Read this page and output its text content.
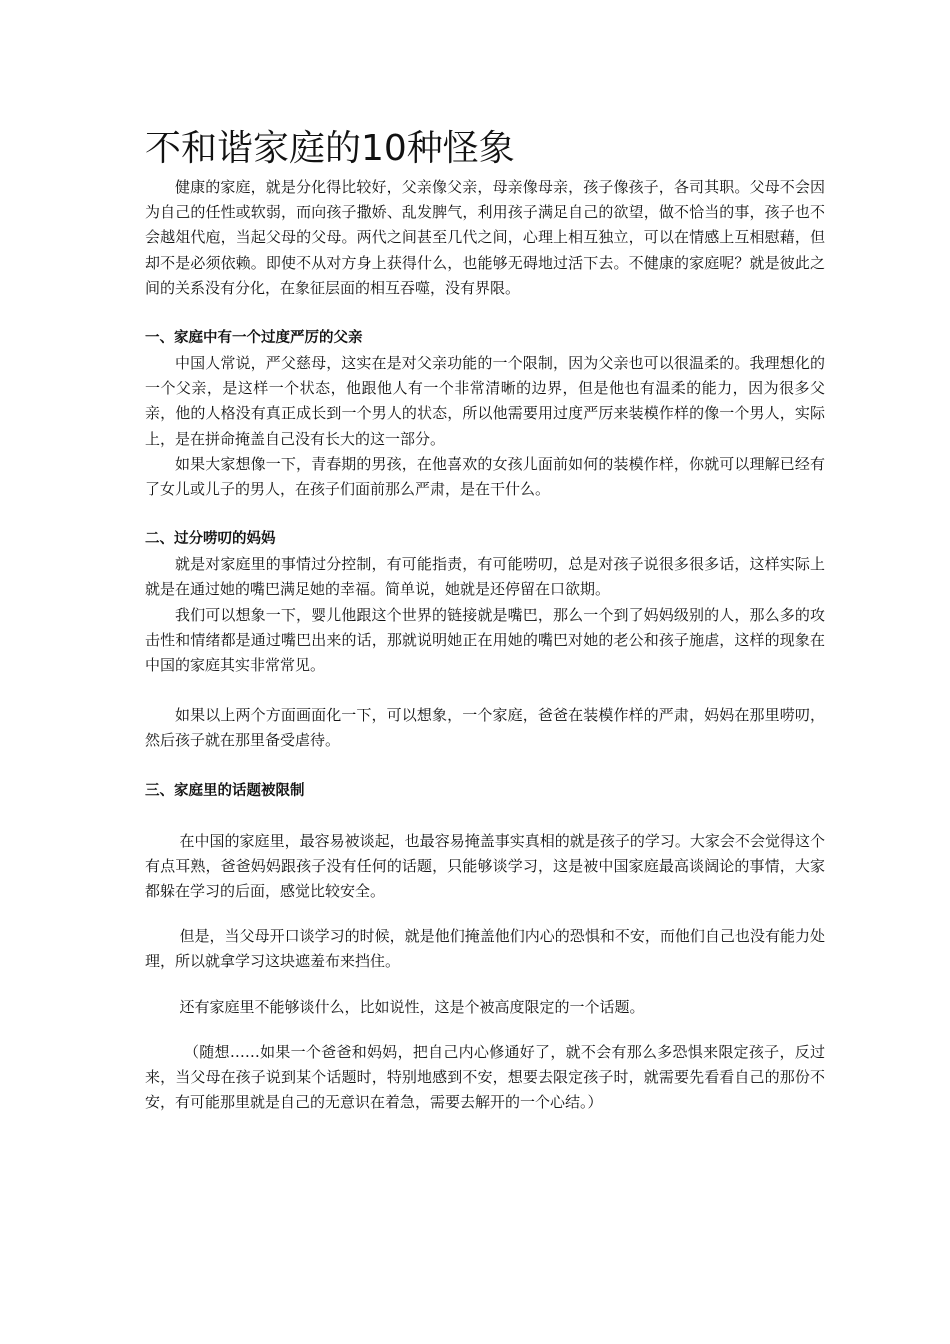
不和谐家庭的10种怪象

健康的家庭，就是分化得比较好，父亲像父亲，母亲像母亲，孩子像孩子，各司其职。父母不会因为自己的任性或软弱，而向孩子撒娇、乱发脾气，利用孩子满足自己的欲望，做不恰当的事，孩子也不会越俎代庖，当起父母的父母。两代之间甚至几代之间，心理上相互独立，可以在情感上互相慰藉，但却不是必须依赖。即使不从对方身上获得什么，也能够无碍地过活下去。不健康的家庭呢？就是彼此之间的关系没有分化，在象征层面的相互吞噬，没有界限。

一、家庭中有一个过度严厉的父亲

中国人常说，严父慈母，这实在是对父亲功能的一个限制，因为父亲也可以很温柔的。我理想化的一个父亲，是这样一个状态，他跟他人有一个非常清晰的边界，但是他也有温柔的能力，因为很多父亲，他的人格没有真正成长到一个男人的状态，所以他需要用过度严厉来装模作样的像一个男人，实际上，是在拼命掩盖自己没有长大的这一部分。

如果大家想像一下，青春期的男孩，在他喜欢的女孩儿面前如何的装模作样，你就可以理解已经有了女儿或儿子的男人，在孩子们面前那么严肃，是在干什么。

二、过分唠叨的妈妈

就是对家庭里的事情过分控制，有可能指责，有可能唠叨，总是对孩子说很多很多话，这样实际上就是在通过她的嘴巴满足她的幸福。简单说，她就是还停留在口欲期。

我们可以想象一下，婴儿他跟这个世界的链接就是嘴巴，那么一个到了妈妈级别的人，那么多的攻击性和情绪都是通过嘴巴出来的话，那就说明她正在用她的嘴巴对她的老公和孩子施虐，这样的现象在中国的家庭其实非常常见。

如果以上两个方面画面化一下，可以想象，一个家庭，爸爸在装模作样的严肃，妈妈在那里唠叨，然后孩子就在那里备受虐待。

三、家庭里的话题被限制

在中国的家庭里，最容易被谈起，也最容易掩盖事实真相的就是孩子的学习。大家会不会觉得这个有点耳熟，爸爸妈妈跟孩子没有任何的话题，只能够谈学习，这是被中国家庭最高谈阔论的事情，大家都躲在学习的后面，感觉比较安全。

但是，当父母开口谈学习的时候，就是他们掩盖他们内心的恐惧和不安，而他们自己也没有能力处理，所以就拿学习这块遮羞布来挡住。

还有家庭里不能够谈什么，比如说性，这是个被高度限定的一个话题。

（随想……如果一个爸爸和妈妈，把自己内心修通好了，就不会有那么多恐惧来限定孩子，反过来，当父母在孩子说到某个话题时，特别地感到不安，想要去限定孩子时，就需要先看看自己的那份不安，有可能那里就是自己的无意识在着急，需要去解开的一个心结。）
